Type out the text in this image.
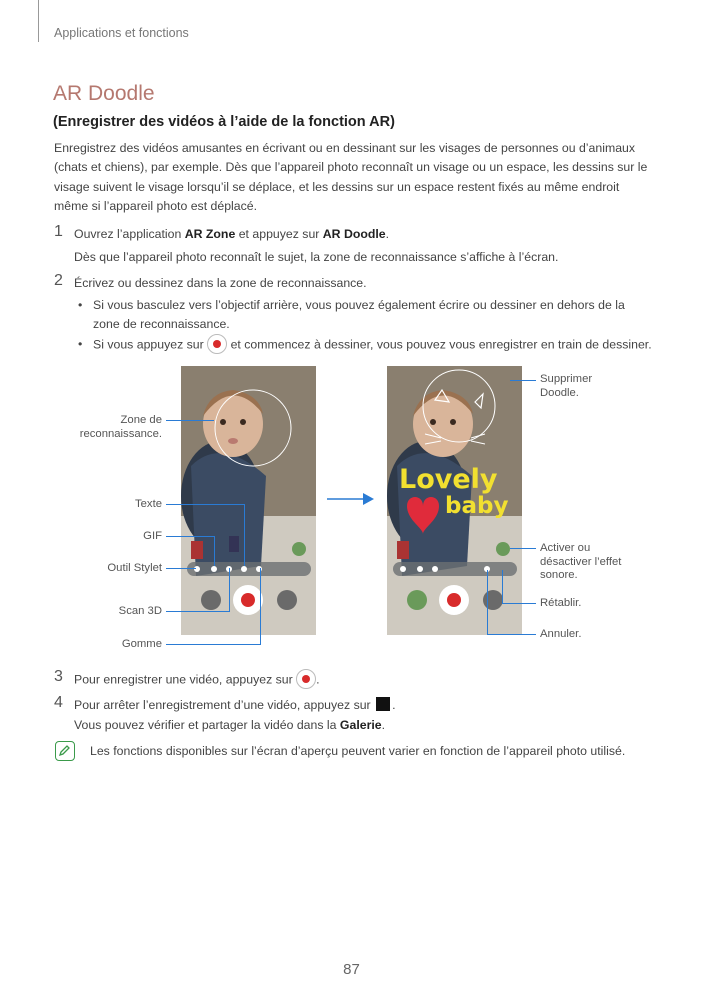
Applications et fonctions
AR Doodle
(Enregistrer des vidéos à l’aide de la fonction AR)
Enregistrez des vidéos amusantes en écrivant ou en dessinant sur les visages de personnes ou d’animaux (chats et chiens), par exemple. Dès que l’appareil photo reconnaît un visage ou un espace, les dessins sur le visage suivent le visage lorsqu’il se déplace, et les dessins sur un espace restent fixés au même endroit même si l’appareil photo est déplacé.
1 Ouvrez l’application AR Zone et appuyez sur AR Doodle.
Dès que l’appareil photo reconnaît le sujet, la zone de reconnaissance s’affiche à l’écran.
2 Écrivez ou dessinez dans la zone de reconnaissance.
• Si vous basculez vers l’objectif arrière, vous pouvez également écrire ou dessiner en dehors de la zone de reconnaissance.
• Si vous appuyez sur et commencez à dessiner, vous pouvez vous enregistrer en train de dessiner.
Lovely
baby
Zone de reconnaissance.
Texte
GIF
Outil Stylet
Scan 3D
Gomme
Supprimer Doodle.
Activer ou désactiver l’effet sonore.
Rétablir.
Annuler.
3 Pour enregistrer une vidéo, appuyez sur .
4 Pour arrêter l’enregistrement d’une vidéo, appuyez sur .
Vous pouvez vérifier et partager la vidéo dans la Galerie.
Les fonctions disponibles sur l’écran d’aperçu peuvent varier en fonction de l’appareil photo utilisé.
87
